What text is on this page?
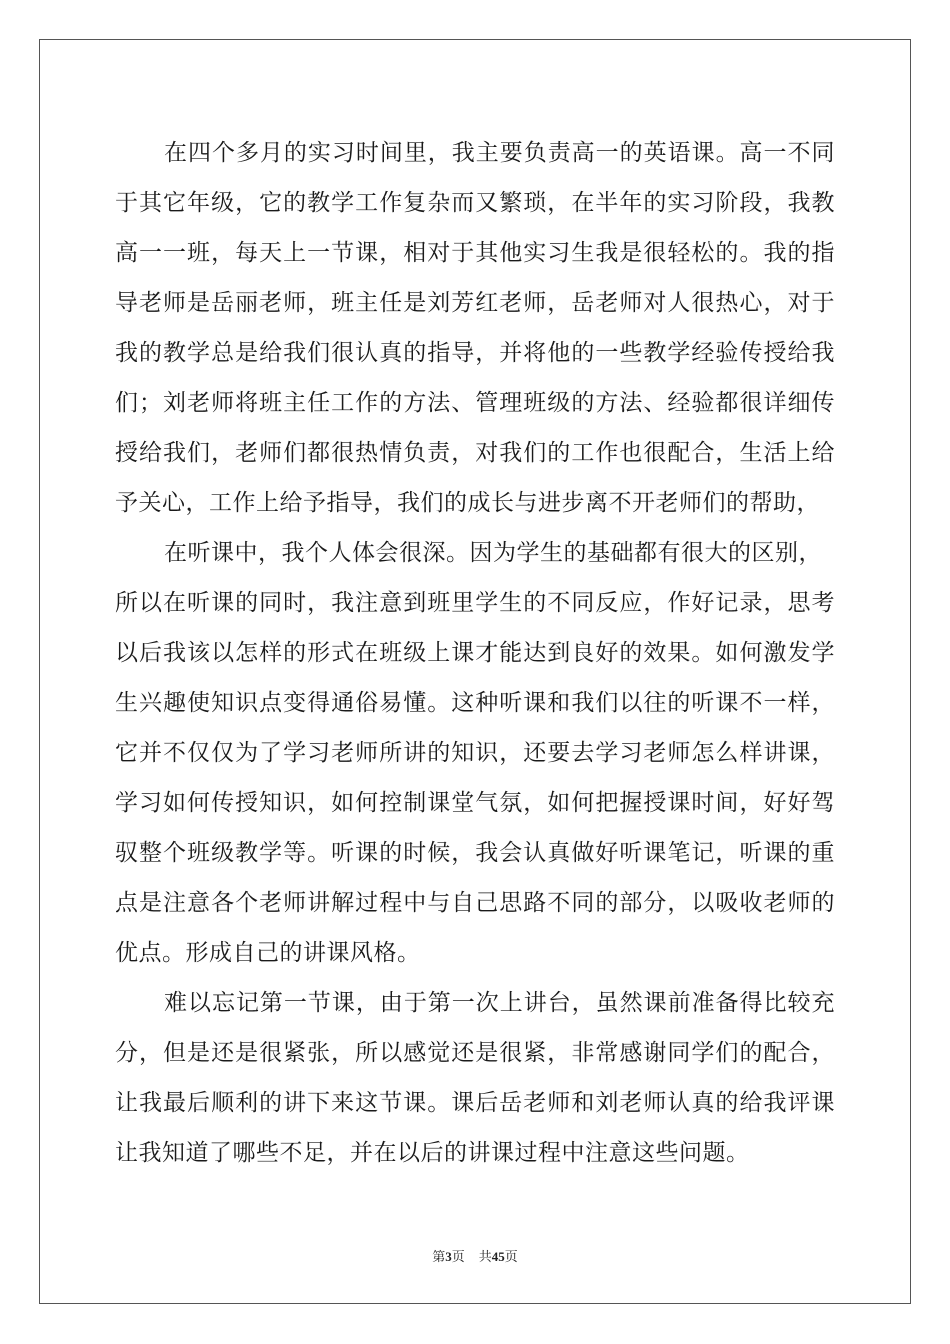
在四个多月的实习时间里，我主要负责高一的英语课。高一不同
于其它年级，它的教学工作复杂而又繁琐，在半年的实习阶段，我教
高一一班，每天上一节课，相对于其他实习生我是很轻松的。我的指
导老师是岳丽老师，班主任是刘芳红老师，岳老师对人很热心，对于
我的教学总是给我们很认真的指导，并将他的一些教学经验传授给我
们；刘老师将班主任工作的方法、管理班级的方法、经验都很详细传
授给我们，老师们都很热情负责，对我们的工作也很配合，生活上给
予关心，工作上给予指导，我们的成长与进步离不开老师们的帮助，
在听课中，我个人体会很深。因为学生的基础都有很大的区别，
所以在听课的同时，我注意到班里学生的不同反应，作好记录，思考
以后我该以怎样的形式在班级上课才能达到良好的效果。如何激发学
生兴趣使知识点变得通俗易懂。这种听课和我们以往的听课不一样，
它并不仅仅为了学习老师所讲的知识，还要去学习老师怎么样讲课，
学习如何传授知识，如何控制课堂气氛，如何把握授课时间，好好驾
驭整个班级教学等。听课的时候，我会认真做好听课笔记，听课的重
点是注意各个老师讲解过程中与自己思路不同的部分，以吸收老师的
优点。形成自己的讲课风格。
难以忘记第一节课，由于第一次上讲台，虽然课前准备得比较充
分，但是还是很紧张，所以感觉还是很紧，非常感谢同学们的配合，
让我最后顺利的讲下来这节课。课后岳老师和刘老师认真的给我评课
让我知道了哪些不足，并在以后的讲课过程中注意这些问题。
第3页 共45页
